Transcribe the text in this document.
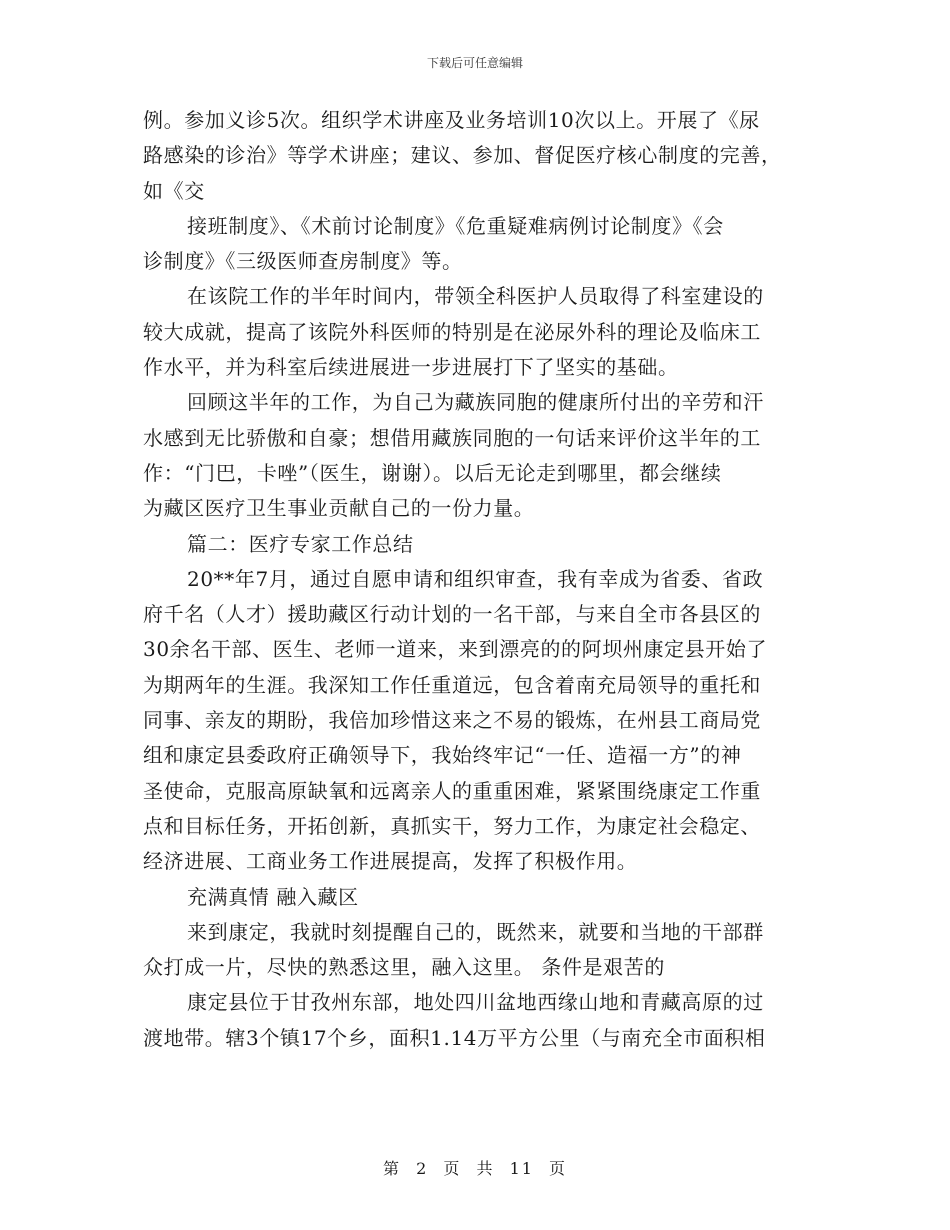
下载后可任意编辑
例。参加义诊5次。组织学术讲座及业务培训10次以上。开展了《尿
路感染的诊治》等学术讲座；建议、参加、督促医疗核心制度的完善，
如《交
接班制度》、《术前讨论制度》《危重疑难病例讨论制度》《会
诊制度》《三级医师查房制度》等。
在该院工作的半年时间内，带领全科医护人员取得了科室建设的
较大成就，提高了该院外科医师的特别是在泌尿外科的理论及临床工
作水平，并为科室后续进展进一步进展打下了坚实的基础。
回顾这半年的工作，为自己为藏族同胞的健康所付出的辛劳和汗
水感到无比骄傲和自豪；想借用藏族同胞的一句话来评价这半年的工
作：“门巴，卡唑”（医生，谢谢）。以后无论走到哪里，都会继续
为藏区医疗卫生事业贡献自己的一份力量。
篇二：医疗专家工作总结
20**年7月，通过自愿申请和组织审查，我有幸成为省委、省政
府千名（人才）援助藏区行动计划的一名干部，与来自全市各县区的
30余名干部、医生、老师一道来，来到漂亮的的阿坝州康定县开始了
为期两年的生涯。我深知工作任重道远，包含着南充局领导的重托和
同事、亲友的期盼，我倍加珍惜这来之不易的锻炼，在州县工商局党
组和康定县委政府正确领导下，我始终牢记“一任、造福一方”的神
圣使命，克服高原缺氧和远离亲人的重重困难，紧紧围绕康定工作重
点和目标任务，开拓创新，真抓实干，努力工作，为康定社会稳定、
经济进展、工商业务工作进展提高，发挥了积极作用。
充满真情 融入藏区
来到康定，我就时刻提醒自己的，既然来，就要和当地的干部群
众打成一片，尽快的熟悉这里，融入这里。 条件是艰苦的
康定县位于甘孜州东部，地处四川盆地西缘山地和青藏高原的过
渡地带。辖3个镇17个乡，面积1.14万平方公里（与南充全市面积相
第 2 页 共 11 页
